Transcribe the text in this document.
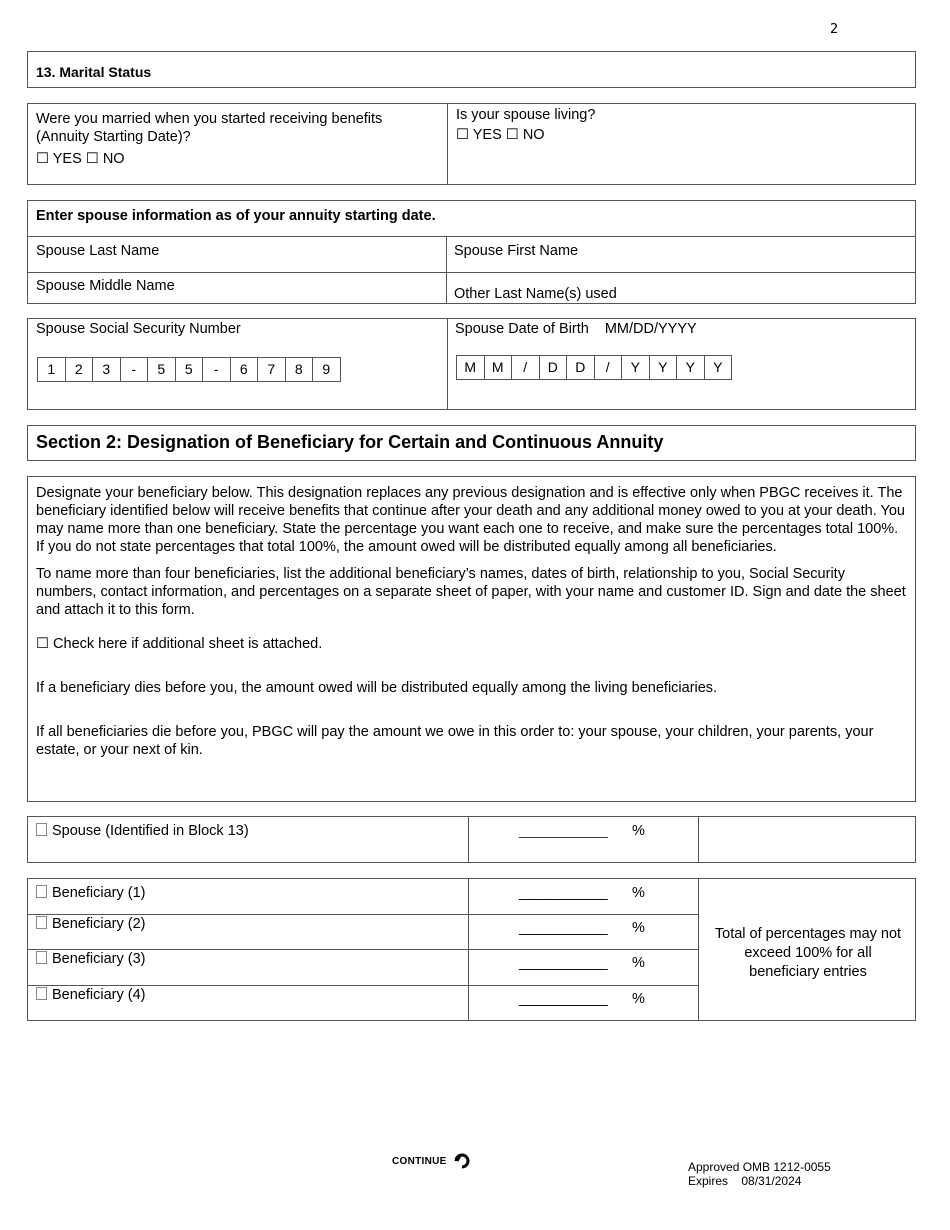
2
13. Marital Status
Were you married when you started receiving benefits (Annuity Starting Date)?
☐ YES ☐ NO
Is your spouse living?
☐ YES ☐ NO
Enter spouse information as of your annuity starting date.
Spouse Last Name	Spouse First Name
Spouse Middle Name	Other Last Name(s) used
Spouse Social Security Number
1	2	3	-	5	5	-	6	7	8	9
Spouse Date of Birth MM/DD/YYYY
M	M	/	D	D	/	Y	Y	Y	Y
Section 2: Designation of Beneficiary for Certain and Continuous Annuity

Designate your beneficiary below. This designation replaces any previous designation and is effective only when PBGC receives it. The beneficiary identified below will receive benefits that continue after your death and any additional money owed to you at your death. You may name more than one beneficiary. State the percentage you want each one to receive, and make sure the percentages total 100%. If you do not state percentages that total 100%, the amount owed will be distributed equally among all beneficiaries.

To name more than four beneficiaries, list the additional beneficiary’s names, dates of birth, relationship to you, Social Security numbers, contact information, and percentages on a separate sheet of paper, with your name and customer ID. Sign and date the sheet and attach it to this form.

☐ Check here if additional sheet is attached.

If a beneficiary dies before you, the amount owed will be distributed equally among the living beneficiaries.

If all beneficiaries die before you, PBGC will pay the amount we owe in this order to: your spouse, your children, your parents, your estate, or your next of kin.

Spouse (Identified in Block 13)	___________ %
Beneficiary (1)	___________ %
Beneficiary (2)	___________ %
Beneficiary (3)	___________ %
Beneficiary (4)	___________ %
Total of percentages may not exceed 100% for all beneficiary entries
CONTINUE	Approved OMB 1212-0055
Expires 08/31/2024
